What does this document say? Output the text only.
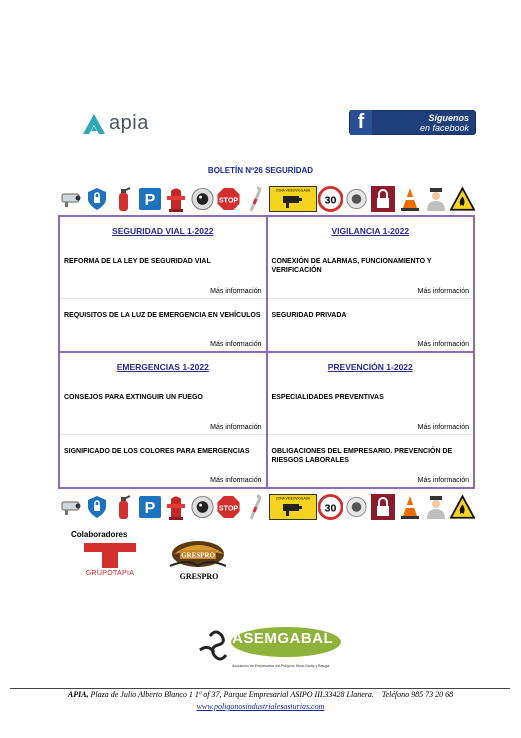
apia	f	Síguenos
en facebook
BOLETÍN Nº26 SEGURIDAD
P	STOP
ZONA VIDEOVIGILADA
30
SEGURIDAD VIAL 1-2022
REFORMA DE LA LEY DE SEGURIDAD VIAL
Más información
REQUISITOS DE LA LUZ DE EMERGENCIA EN VEHÍCULOS
Más información
VIGILANCIA 1-2022
CONEXIÓN DE ALARMAS, FUNCIONAMIENTO Y VERIFICACIÓN
Más información
SEGURIDAD PRIVADA
Más información
EMERGENCIAS 1-2022
CONSEJOS PARA EXTINGUIR UN FUEGO
Más información
SIGNIFICADO DE LOS COLORES PARA EMERGENCIAS
Más información
PREVENCIÓN 1-2022
ESPECIALIDADES PREVENTIVAS
Más información
OBLIGACIONES DEL EMPRESARIO. PREVENCIÓN DE RIESGOS LABORALES
Más información
P	STOP
ZONA VIDEOVIGILADA
30
Colaboradores
GRUPOTAPIA
GRESPRO
GRESPRO
ASEMGABAL
Asociación de Empresarios del Polígono Mora-Garay y Baluga
APIA, Plaza de Julio Alberto Blanco 1 1º of 37, Parque Empresarial ASIPO III.33428 Llanera. Teléfono 985 73 20 68
www.poligonosindustrialesasturias.com
